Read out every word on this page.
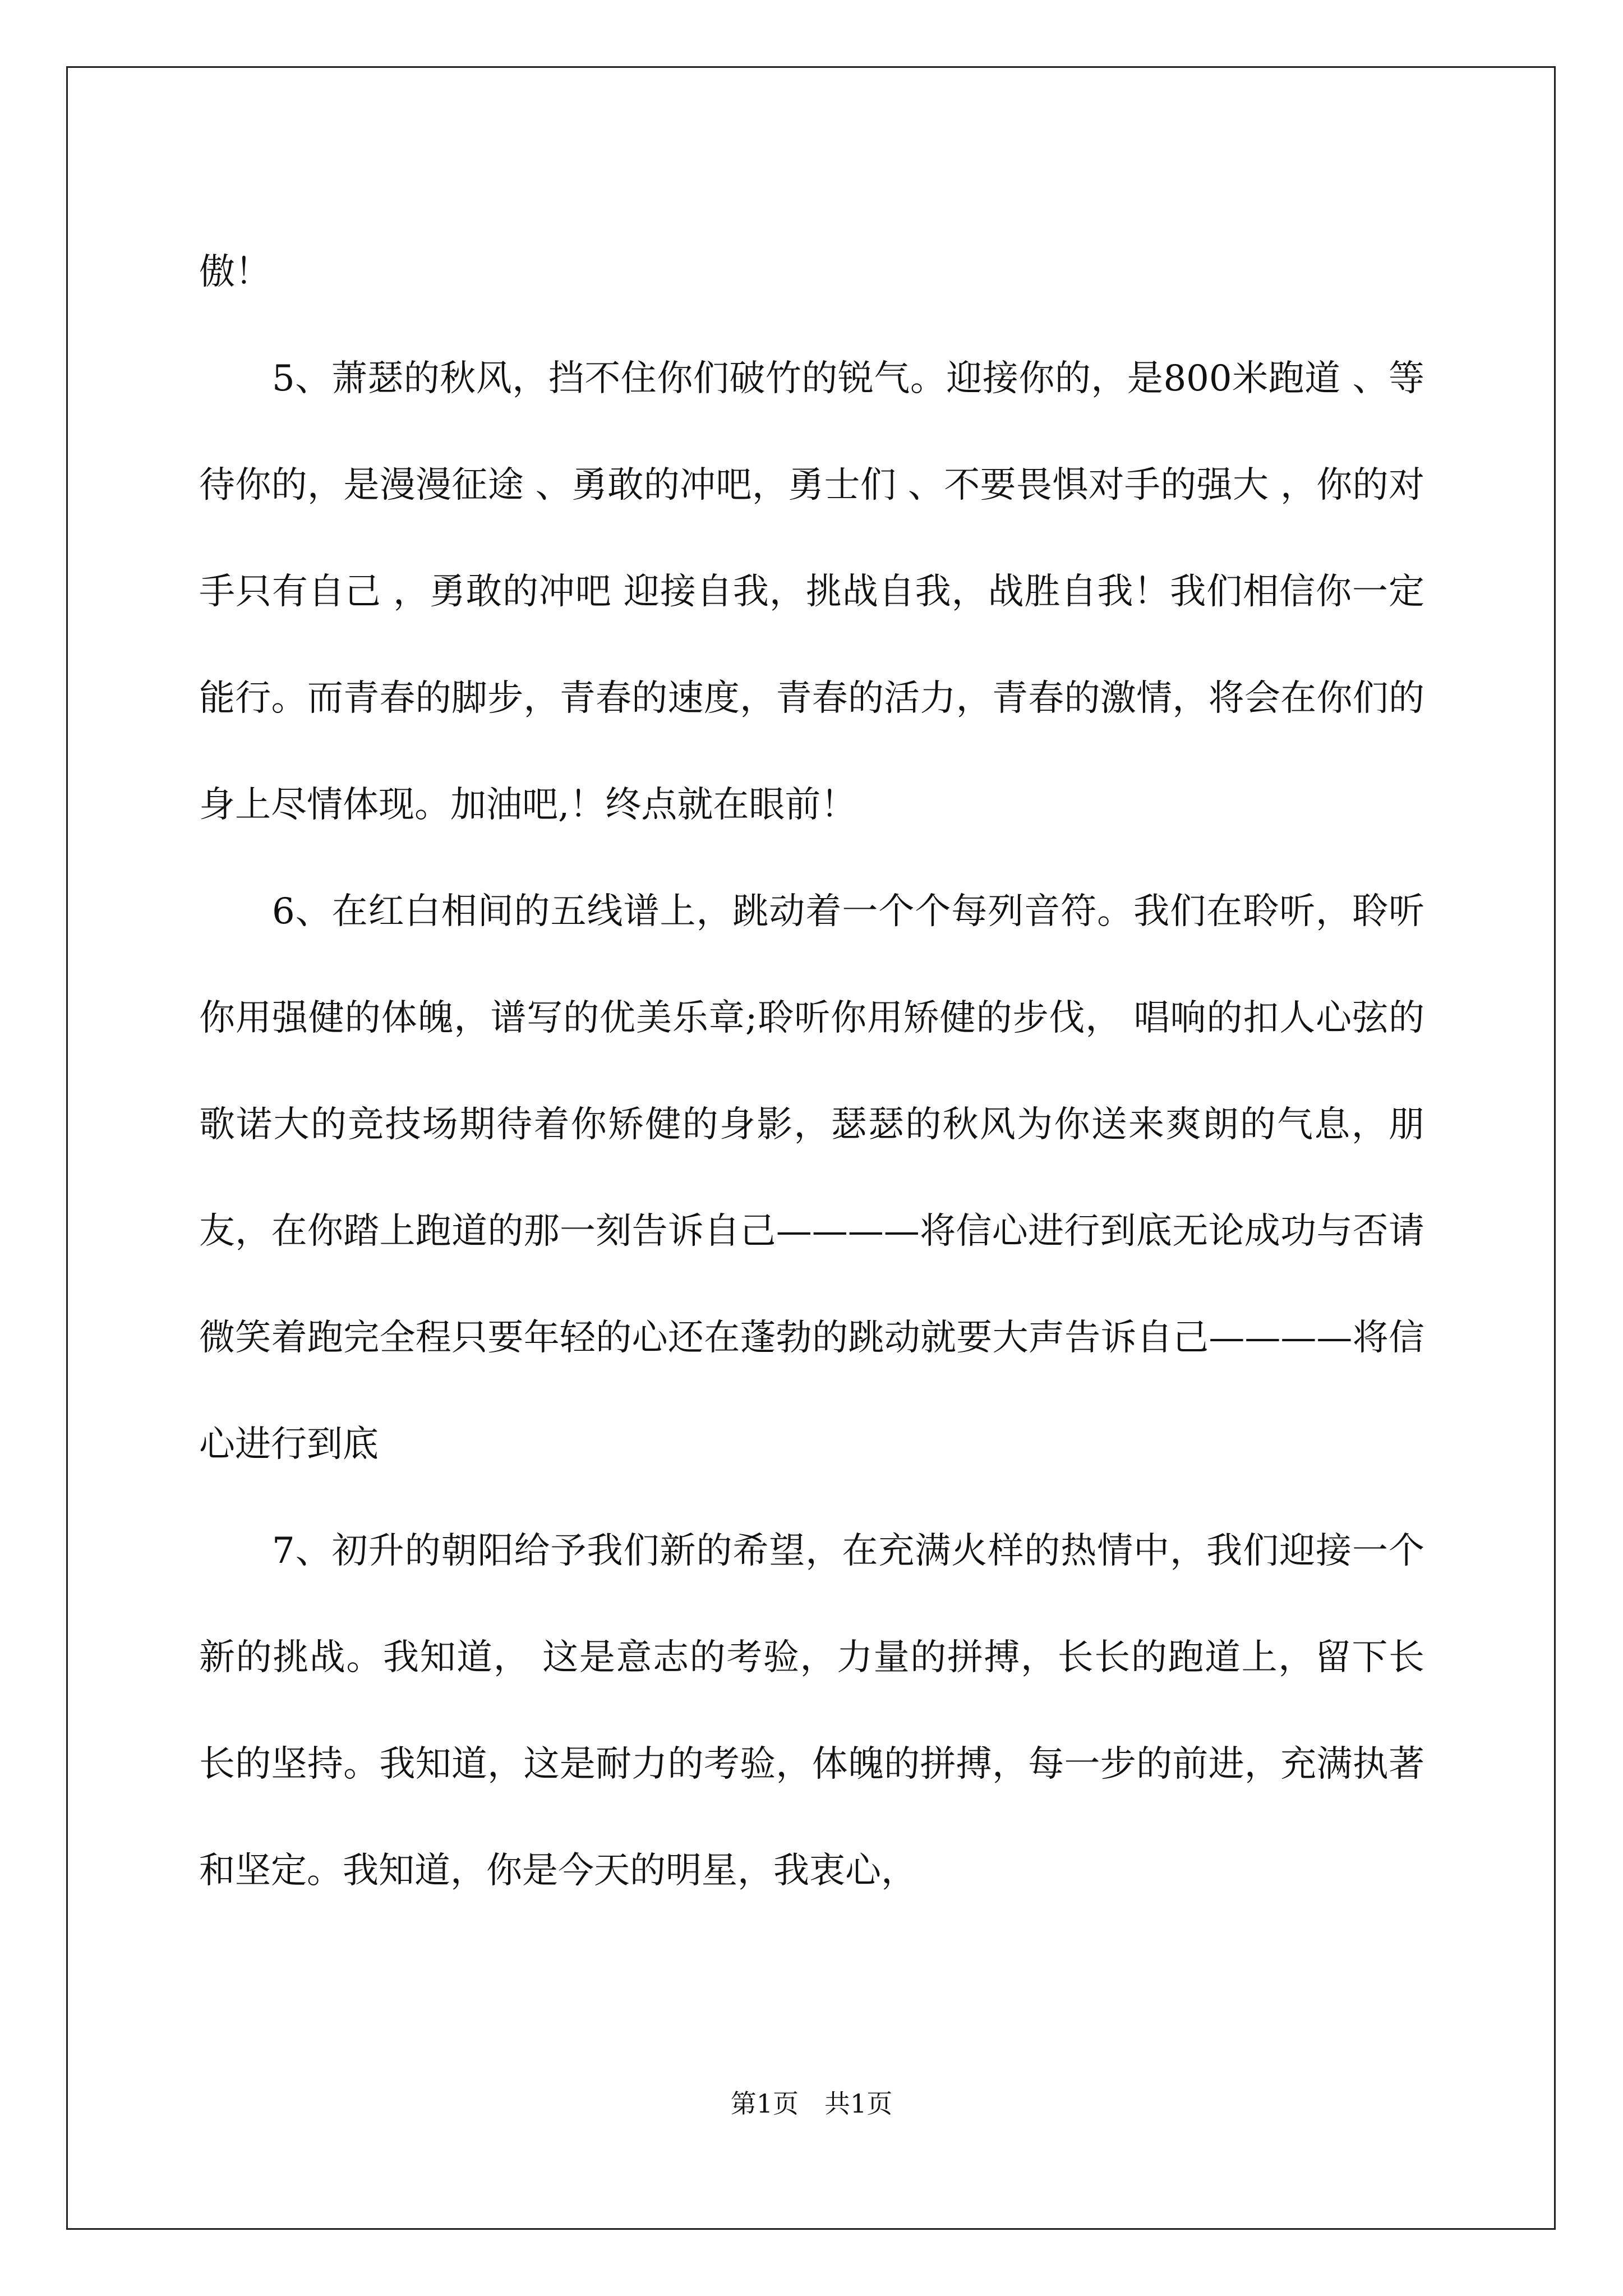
傲！

5、萧瑟的秋风，挡不住你们破竹的锐气。迎接你的，是800米跑道 、等待你的，是漫漫征途 、勇敢的冲吧，勇士们 、不要畏惧对手的强大 ，你的对手只有自己 ，勇敢的冲吧 迎接自我，挑战自我，战胜自我！我们相信你一定能行。而青春的脚步，青春的速度，青春的活力，青春的激情，将会在你们的身上尽情体现。加油吧,！终点就在眼前！

6、在红白相间的五线谱上，跳动着一个个每列音符。我们在聆听，聆听你用强健的体魄，谱写的优美乐章;聆听你用矫健的步伐， 唱响的扣人心弦的歌诺大的竞技场期待着你矫健的身影，瑟瑟的秋风为你送来爽朗的气息，朋友，在你踏上跑道的那一刻告诉自己————将信心进行到底无论成功与否请微笑着跑完全程只要年轻的心还在蓬勃的跳动就要大声告诉自己————将信心进行到底

7、初升的朝阳给予我们新的希望，在充满火样的热情中，我们迎接一个新的挑战。我知道， 这是意志的考验，力量的拼搏，长长的跑道上，留下长长的坚持。我知道，这是耐力的考验，体魄的拼搏，每一步的前进，充满执著和坚定。我知道，你是今天的明星，我衷心，

第1页　共1页
